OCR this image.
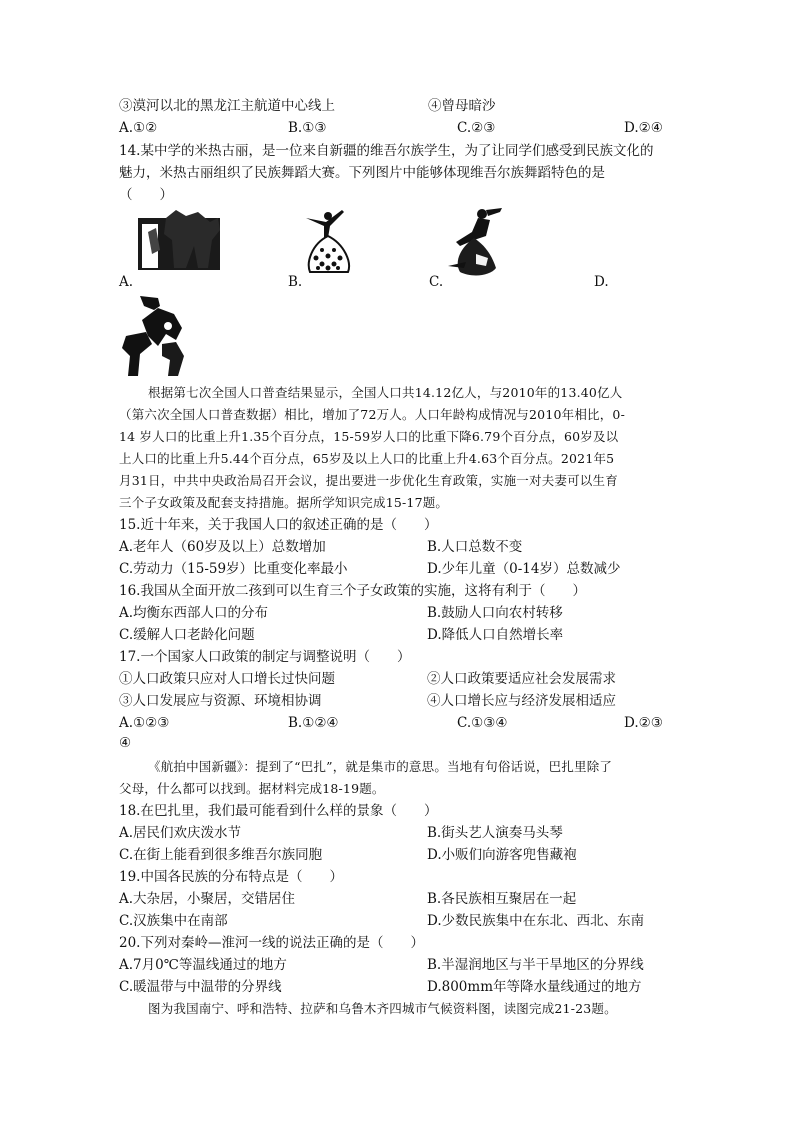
③漠河以北的黑龙江主航道中心线上	④曾母暗沙
A.①②	B.①③	C.②③	D.②④
14.某中学的米热古丽，是一位来自新疆的维吾尔族学生，为了让同学们感受到民族文化的
魅力，米热古丽组织了民族舞蹈大赛。下列图片中能够体现维吾尔族舞蹈特色的是
（　　）
A.	B.	C.	D.
根据第七次全国人口普查结果显示，全国人口共14.12亿人，与2010年的13.40亿人
（第六次全国人口普查数据）相比，增加了72万人。人口年龄构成情况与2010年相比，0-
14 岁人口的比重上升1.35个百分点，15-59岁人口的比重下降6.79个百分点，60岁及以
上人口的比重上升5.44个百分点，65岁及以上人口的比重上升4.63个百分点。2021年5
月31日，中共中央政治局召开会议，提出要进一步优化生育政策，实施一对夫妻可以生育
三个子女政策及配套支持措施。据所学知识完成15-17题。
15.近十年来，关于我国人口的叙述正确的是（　　）
A.老年人（60岁及以上）总数增加	B.人口总数不变
C.劳动力（15-59岁）比重变化率最小	D.少年儿童（0-14岁）总数减少
16.我国从全面开放二孩到可以生育三个子女政策的实施，这将有利于（　　）
A.均衡东西部人口的分布	B.鼓励人口向农村转移
C.缓解人口老龄化问题	D.降低人口自然增长率
17.一个国家人口政策的制定与调整说明（　　）
①人口政策只应对人口增长过快问题	②人口政策要适应社会发展需求
③人口发展应与资源、环境相协调	④人口增长应与经济发展相适应
A.①②③	B.①②④	C.①③④	D.②③
④
《航拍中国新疆》：提到了“巴扎”，就是集市的意思。当地有句俗话说，巴扎里除了
父母，什么都可以找到。据材料完成18-19题。
18.在巴扎里，我们最可能看到什么样的景象（　　）
A.居民们欢庆泼水节	B.街头艺人演奏马头琴
C.在街上能看到很多维吾尔族同胞	D.小贩们向游客兜售藏袍
19.中国各民族的分布特点是（　　）
A.大杂居，小聚居，交错居住	B.各民族相互聚居在一起
C.汉族集中在南部	D.少数民族集中在东北、西北、东南
20.下列对秦岭—淮河一线的说法正确的是（　　）
A.7月0℃等温线通过的地方	B.半湿润地区与半干旱地区的分界线
C.暖温带与中温带的分界线	D.800mm年等降水量线通过的地方
图为我国南宁、呼和浩特、拉萨和乌鲁木齐四城市气候资料图，读图完成21-23题。
